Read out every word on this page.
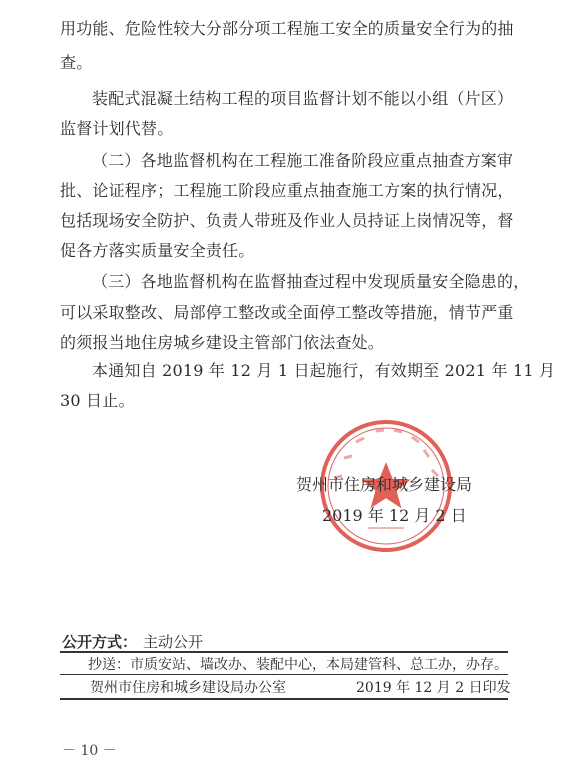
用功能、危险性较大分部分项工程施工安全的质量安全行为的抽
查。
装配式混凝土结构工程的项目监督计划不能以小组（片区）
监督计划代替。
（二）各地监督机构在工程施工准备阶段应重点抽查方案审
批、论证程序；工程施工阶段应重点抽查施工方案的执行情况，
包括现场安全防护、负责人带班及作业人员持证上岗情况等，督
促各方落实质量安全责任。
（三）各地监督机构在监督抽查过程中发现质量安全隐患的，
可以采取整改、局部停工整改或全面停工整改等措施，情节严重
的须报当地住房城乡建设主管部门依法查处。
本通知自 2019 年 12 月 1 日起施行，有效期至 2021 年 11 月
30 日止。
贺州市住房和城乡建设局
2019 年 12 月 2 日
公开方式： 主动公开
抄送：市质安站、墙改办、装配中心，本局建管科、总工办，办存。
贺州市住房和城乡建设局办公室	2019 年 12 月 2 日印发
－ 10 －
